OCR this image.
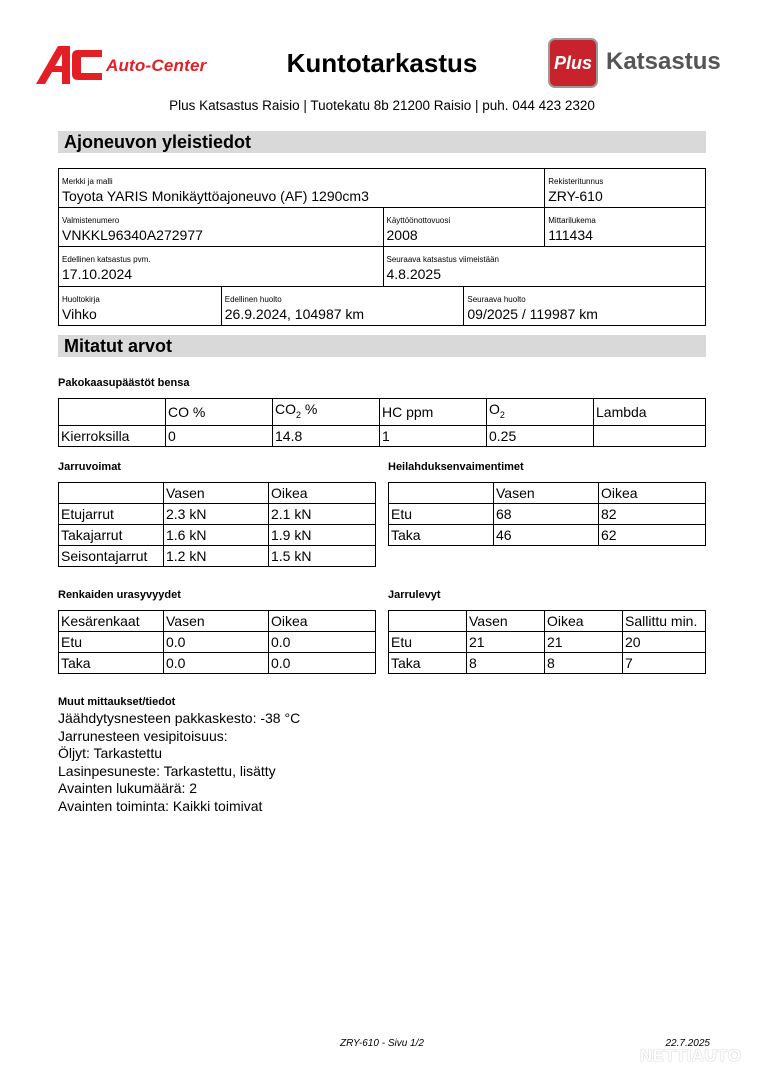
Auto-Center	Kuntotarkastus	Plus Katsastus
Plus Katsastus Raisio | Tuotekatu 8b 21200 Raisio | puh. 044 423 2320
Ajoneuvon yleistiedot
Merkki ja malli
Toyota YARIS Monikäyttöajoneuvo (AF) 1290cm3
Rekisteritunnus
ZRY-610
Valmistenumero
VNKKL96340A272977
Käyttöönottovuosi
2008
Mittarilukema
111434
Edellinen katsastus pvm.
17.10.2024
Seuraava katsastus viimeistään
4.8.2025
Huoltokirja
Vihko
Edellinen huolto
26.9.2024, 104987 km
Seuraava huolto
09/2025 / 119987 km
Mitatut arvot
Pakokaasupäästöt bensa
	CO %	$CO_2$ %	HC ppm	$O_2$	Lambda
Kierroksilla	0	14.8	1	0.25	
Jarruvoimat
	Vasen	Oikea
Etujarrut	2.3 kN	2.1 kN
Takajarrut	1.6 kN	1.9 kN
Seisontajarrut	1.2 kN	1.5 kN
Heilahduksenvaimentimet
	Vasen	Oikea
Etu	68	82
Taka	46	62
Renkaiden urasyvyydet
Kesärenkaat	Vasen	Oikea
Etu	0.0	0.0
Taka	0.0	0.0
Jarrulevyt
	Vasen	Oikea	Sallittu min.
Etu	21	21	20
Taka	8	8	7
Muut mittaukset/tiedot
Jäähdytysnesteen pakkaskesto: -38 °C
Jarrunesteen vesipitoisuus:
Öljyt: Tarkastettu
Lasinpesuneste: Tarkastettu, lisätty
Avainten lukumäärä: 2
Avainten toiminta: Kaikki toimivat
ZRY-610 - Sivu 1/2	22.7.2025
NETTIAUTO
